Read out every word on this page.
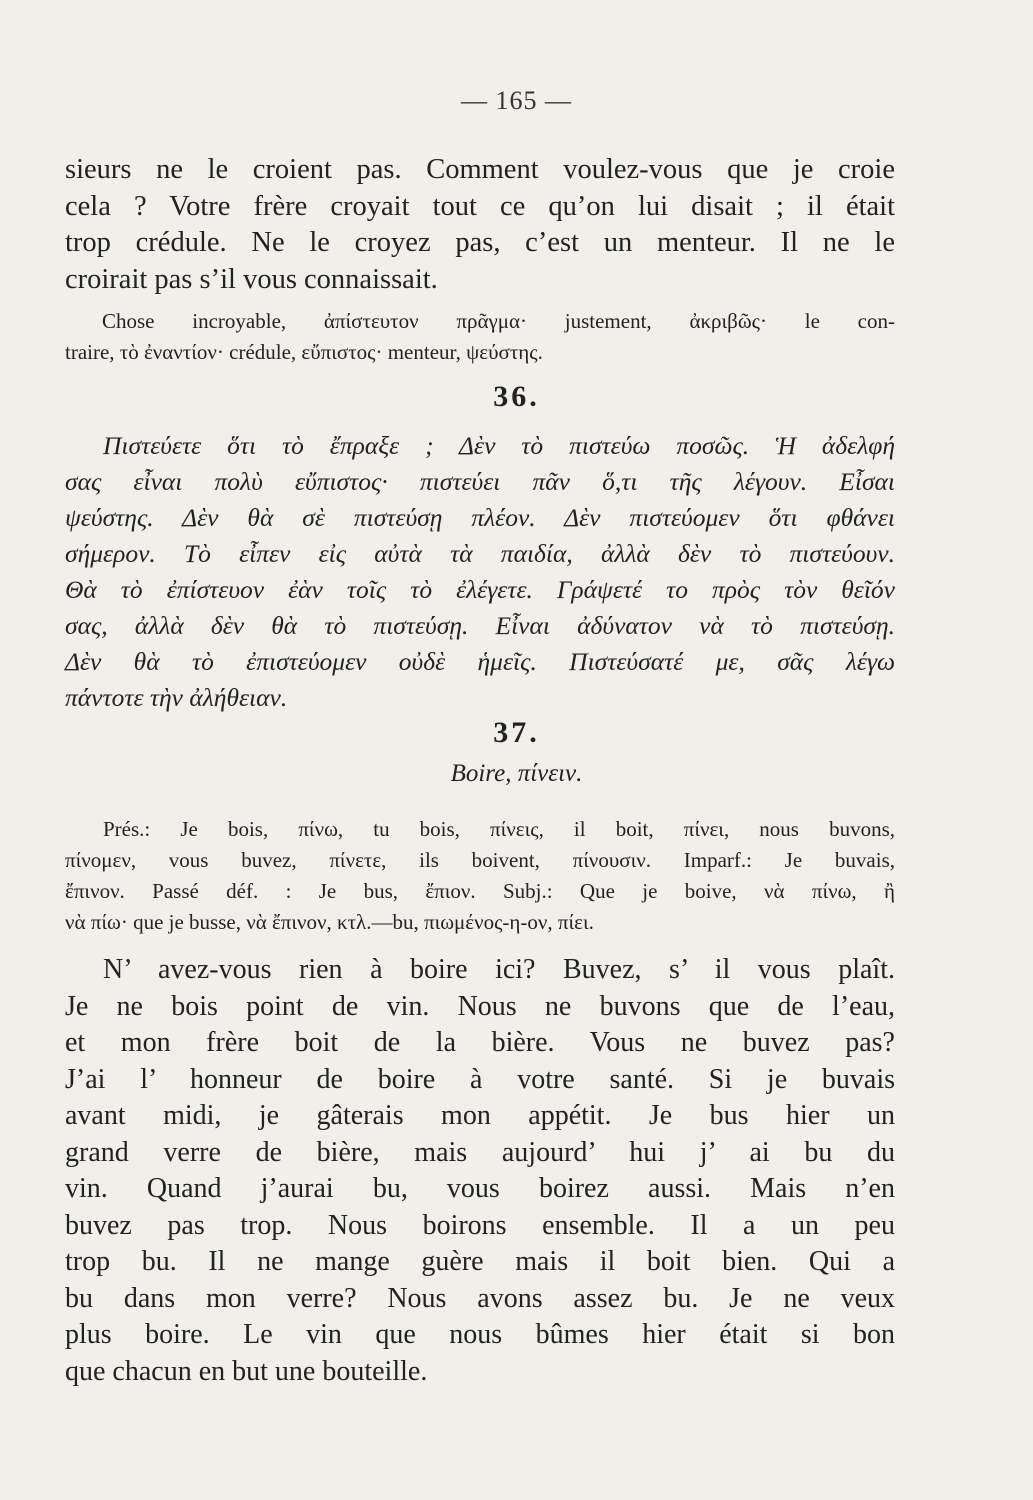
— 165 —
sieurs ne le croient pas. Comment voulez-vous que je croie
cela ? Votre frère croyait tout ce qu’on lui disait ; il était
trop crédule. Ne le croyez pas, c’est un menteur. Il ne le
croirait pas s’il vous connaissait.
Chose incroyable, ἀπίστευτον πρᾶγμα· justement, ἀκριβῶς· le con-
traire, τὸ ἐναντίον· crédule, εὔπιστος· menteur, ψεύστης.
36.
Πιστεύετε ὅτι τὸ ἔπραξε ; Δὲν τὸ πιστεύω ποσῶς. Ἡ ἀδελφή
σας εἶναι πολὺ εὔπιστος· πιστεύει πᾶν ὅ,τι τῆς λέγουν. Εἶσαι
ψεύστης. Δὲν θὰ σὲ πιστεύσῃ πλέον. Δὲν πιστεύομεν ὅτι φθάνει
σήμερον. Τὸ εἶπεν εἰς αὐτὰ τὰ παιδία, ἀλλὰ δὲν τὸ πιστεύουν.
Θὰ τὸ ἐπίστευον ἐὰν τοῖς τὸ ἐλέγετε. Γράψετέ το πρὸς τὸν θεῖόν
σας, ἀλλὰ δὲν θὰ τὸ πιστεύσῃ. Εἶναι ἀδύνατον νὰ τὸ πιστεύσῃ.
Δὲν θὰ τὸ ἐπιστεύομεν οὐδὲ ἡμεῖς. Πιστεύσατέ με, σᾶς λέγω
πάντοτε τὴν ἀλήθειαν.
37.
Boire, πίνειν.
Prés.: Je bois, πίνω, tu bois, πίνεις, il boit, πίνει, nous buvons,
πίνομεν, vous buvez, πίνετε, ils boivent, πίνουσιν. Imparf.: Je buvais,
ἔπινον. Passé déf. : Je bus, ἔπιον. Subj.: Que je boive, νὰ πίνω, ἢ
νὰ πίω· que je busse, νὰ ἔπινον, κτλ.—bu, πιωμένος-η-ον, πίει.
N’ avez-vous rien à boire ici? Buvez, s’ il vous plaît.
Je ne bois point de vin. Nous ne buvons que de l’eau,
et mon frère boit de la bière. Vous ne buvez pas?
J’ai l’ honneur de boire à votre santé. Si je buvais
avant midi, je gâterais mon appétit. Je bus hier un
grand verre de bière, mais aujourd’ hui j’ ai bu du
vin. Quand j’aurai bu, vous boirez aussi. Mais n’en
buvez pas trop. Nous boirons ensemble. Il a un peu
trop bu. Il ne mange guère mais il boit bien. Qui a
bu dans mon verre? Nous avons assez bu. Je ne veux
plus boire. Le vin que nous bûmes hier était si bon
que chacun en but une bouteille.
